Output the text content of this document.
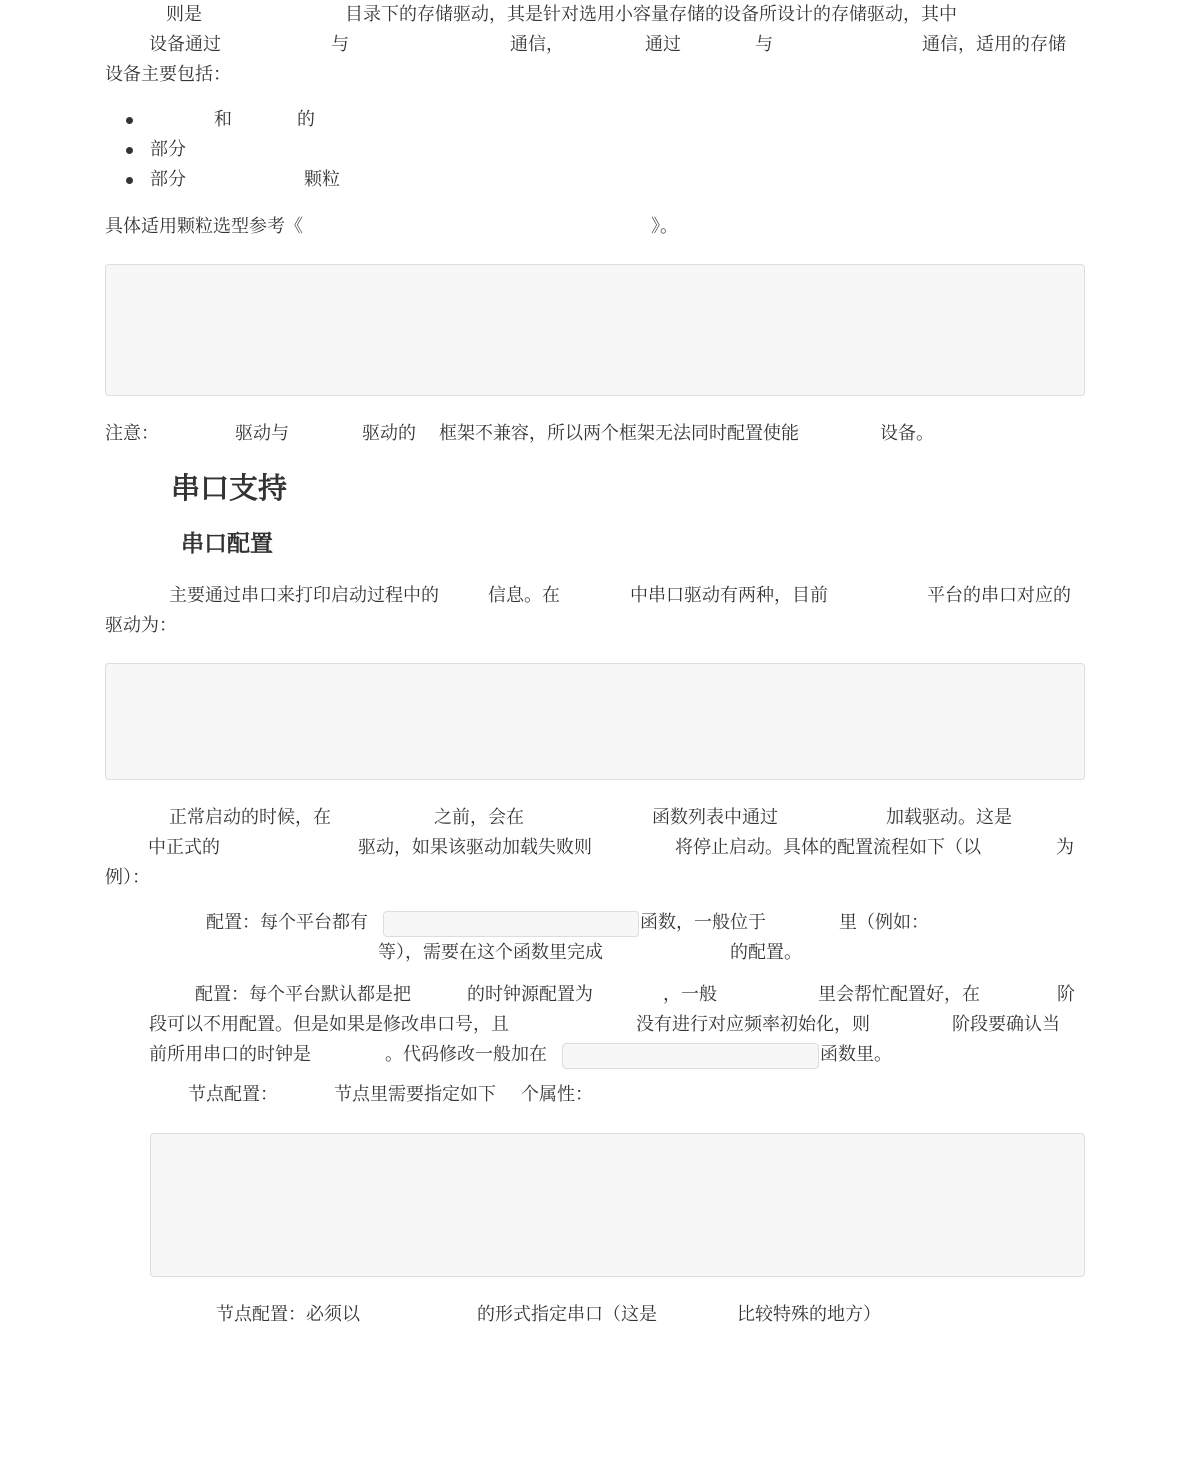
则是	目录下的存储驱动，其是针对选用小容量存储的设备所设计的存储驱动，其中
设备通过	与	通信，	通过	与	通信，适用的存储
设备主要包括：
和	的
部分
部分	颗粒
具体适用颗粒选型参考《	》。
注意：	驱动与	驱动的 框架不兼容，所以两个框架无法同时配置使能	设备。
串口支持
串口配置
主要通过串口来打印启动过程中的	信息。在	中串口驱动有两种，目前	平台的串口对应的
驱动为：
正常启动的时候，在	之前，会在	函数列表中通过	加载驱动。这是
中正式的	驱动，如果该驱动加载失败则	将停止启动。具体的配置流程如下（以	为
例）：
配置：每个平台都有	函数，一般位于	里（例如：
等），需要在这个函数里完成	的配置。
配置：每个平台默认都是把	的时钟源配置为	，一般	里会帮忙配置好，在	阶
段可以不用配置。但是如果是修改串口号，且	没有进行对应频率初始化，则	阶段要确认当
前所用串口的时钟是	。代码修改一般加在	函数里。
节点配置：	节点里需要指定如下 个属性：
节点配置：必须以	的形式指定串口（这是	比较特殊的地方）
